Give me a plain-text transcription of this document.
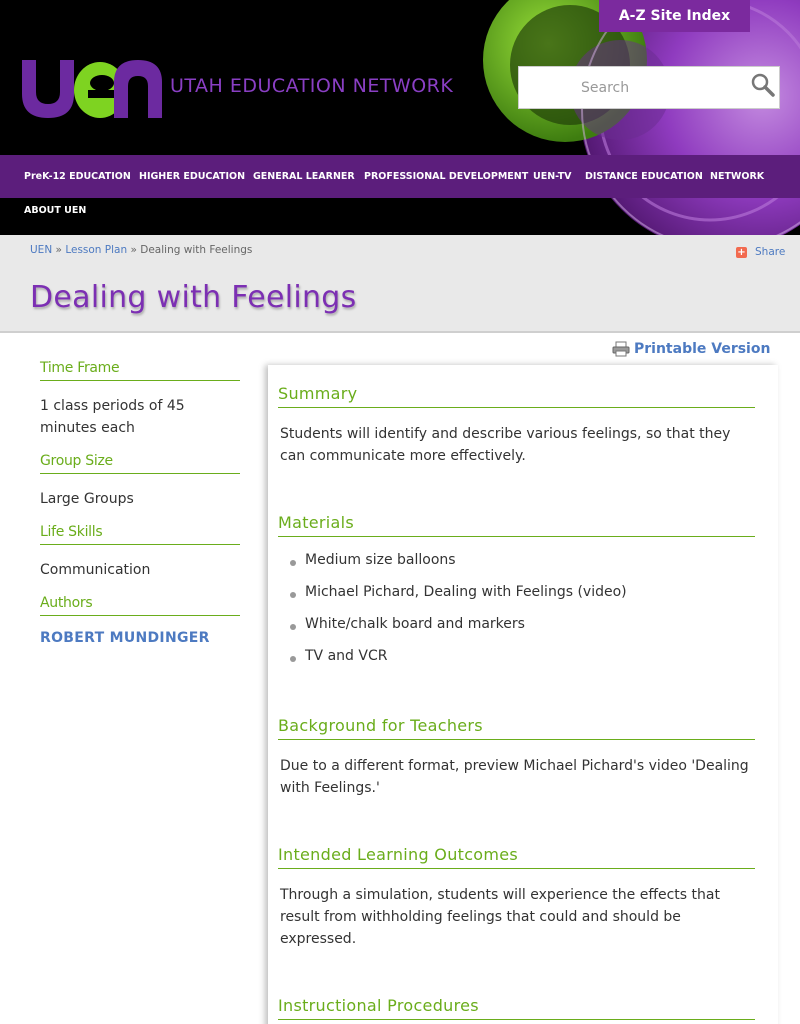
UTAH EDUCATION NETWORK
A-Z Site Index
Search
PreK-12 EDUCATION HIGHER EDUCATION GENERAL LEARNER PROFESSIONAL DEVELOPMENT UEN-TV DISTANCE EDUCATION NETWORK
ABOUT UEN
UEN » Lesson Plan » Dealing with Feelings	+ Share
Dealing with Feelings
Time Frame
1 class periods of 45 minutes each
Group Size
Large Groups
Life Skills
Communication
Authors
ROBERT MUNDINGER
Printable Version
Summary
Students will identify and describe various feelings, so that they can communicate more effectively.
Materials
Medium size balloons
Michael Pichard, Dealing with Feelings (video)
White/chalk board and markers
TV and VCR
Background for Teachers
Due to a different format, preview Michael Pichard's video 'Dealing with Feelings.'
Intended Learning Outcomes
Through a simulation, students will experience the effects that result from withholding feelings that could and should be expressed.
Instructional Procedures
